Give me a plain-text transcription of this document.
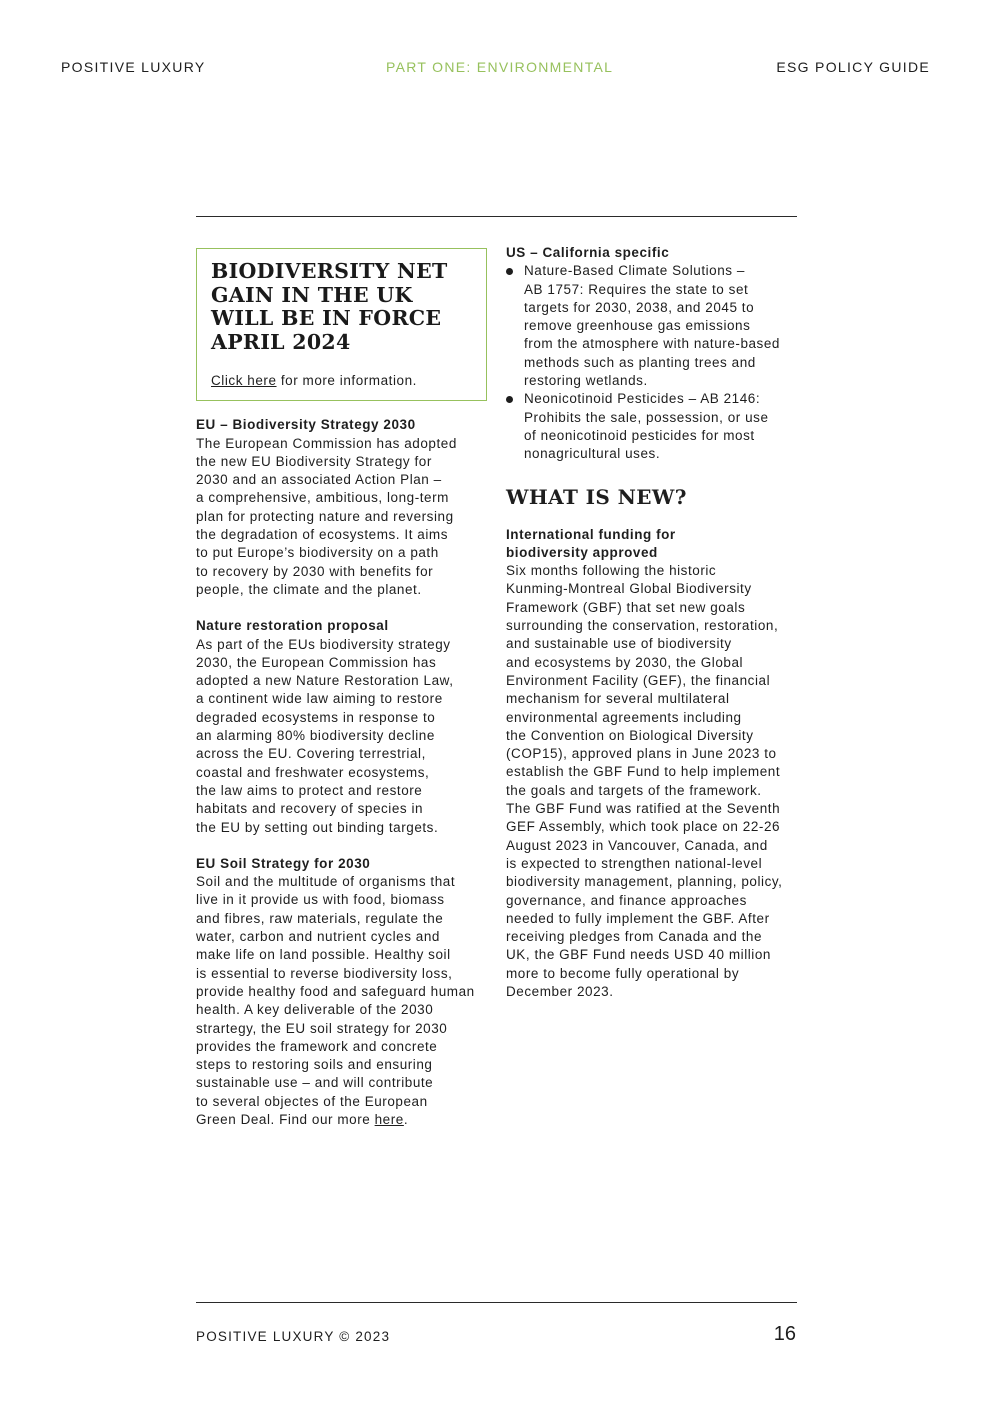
POSITIVE LUXURY	PART ONE: ENVIRONMENTAL	ESG POLICY GUIDE
BIODIVERSITY NET
GAIN IN THE UK
WILL BE IN FORCE
APRIL 2024

Click here for more information.

EU – Biodiversity Strategy 2030

The European Commission has adopted
the new EU Biodiversity Strategy for
2030 and an associated Action Plan –
a comprehensive, ambitious, long-term
plan for protecting nature and reversing
the degradation of ecosystems. It aims
to put Europe’s biodiversity on a path
to recovery by 2030 with benefits for
people, the climate and the planet.

Nature restoration proposal

As part of the EUs biodiversity strategy
2030, the European Commission has
adopted a new Nature Restoration Law,
a continent wide law aiming to restore
degraded ecosystems in response to
an alarming 80% biodiversity decline
across the EU. Covering terrestrial,
coastal and freshwater ecosystems,
the law aims to protect and restore
habitats and recovery of species in
the EU by setting out binding targets.

EU Soil Strategy for 2030

Soil and the multitude of organisms that
live in it provide us with food, biomass
and fibres, raw materials, regulate the
water, carbon and nutrient cycles and
make life on land possible. Healthy soil
is essential to reverse biodiversity loss,
provide healthy food and safeguard human
health. A key deliverable of the 2030
strartegy, the EU soil strategy for 2030
provides the framework and concrete
steps to restoring soils and ensuring
sustainable use – and will contribute
to several objectes of the European
Green Deal. Find our more here.

US – California specific

Nature-Based Climate Solutions –
AB 1757: Requires the state to set
targets for 2030, 2038, and 2045 to
remove greenhouse gas emissions
from the atmosphere with nature-based
methods such as planting trees and
restoring wetlands.
Neonicotinoid Pesticides – AB 2146:
Prohibits the sale, possession, or use
of neonicotinoid pesticides for most
nonagricultural uses.
WHAT IS NEW?

International funding for

biodiversity approved

Six months following the historic
Kunming-Montreal Global Biodiversity
Framework (GBF) that set new goals
surrounding the conservation, restoration,
and sustainable use of biodiversity
and ecosystems by 2030, the Global
Environment Facility (GEF), the financial
mechanism for several multilateral
environmental agreements including
the Convention on Biological Diversity
(COP15), approved plans in June 2023 to
establish the GBF Fund to help implement
the goals and targets of the framework.
The GBF Fund was ratified at the Seventh
GEF Assembly, which took place on 22-26
August 2023 in Vancouver, Canada, and
is expected to strengthen national-level
biodiversity management, planning, policy,
governance, and finance approaches
needed to fully implement the GBF. After
receiving pledges from Canada and the
UK, the GBF Fund needs USD 40 million
more to become fully operational by
December 2023.
POSITIVE LUXURY © 2023	16
